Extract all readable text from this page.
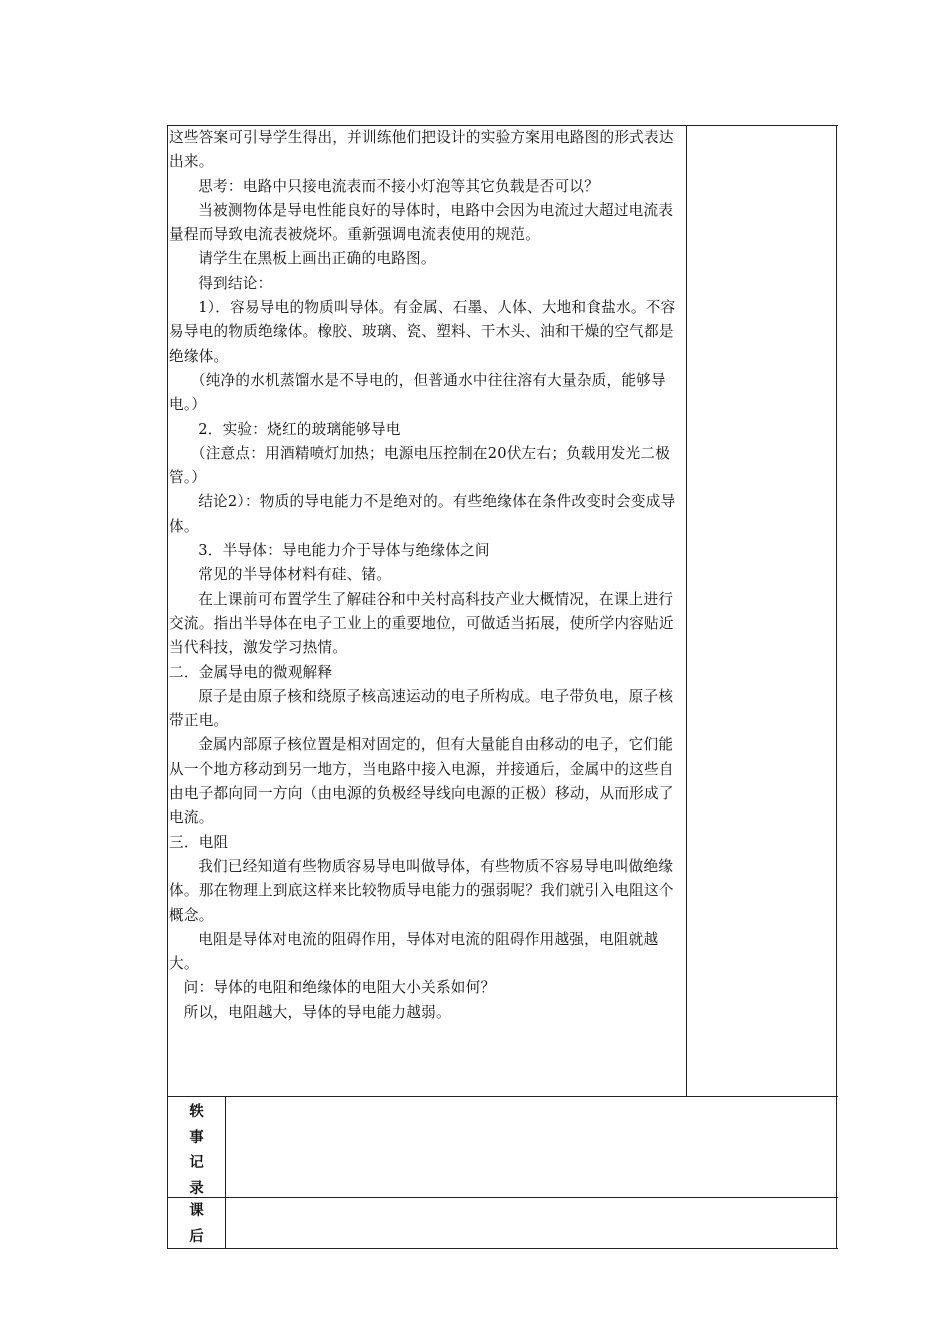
这些答案可引导学生得出，并训练他们把设计的实验方案用电路图的形式表达出来。

思考：电路中只接电流表而不接小灯泡等其它负载是否可以？

当被测物体是导电性能良好的导体时，电路中会因为电流过大超过电流表量程而导致电流表被烧坏。重新强调电流表使用的规范。

请学生在黑板上画出正确的电路图。

得到结论：

1）．容易导电的物质叫导体。有金属、石墨、人体、大地和食盐水。不容易导电的物质绝缘体。橡胶、玻璃、瓷、塑料、干木头、油和干燥的空气都是绝缘体。

（纯净的水机蒸馏水是不导电的，但普通水中往往溶有大量杂质，能够导电。）

2．实验：烧红的玻璃能够导电

（注意点：用酒精喷灯加热；电源电压控制在20伏左右；负载用发光二极管。）

结论2）：物质的导电能力不是绝对的。有些绝缘体在条件改变时会变成导体。

3．半导体：导电能力介于导体与绝缘体之间

常见的半导体材料有硅、锗。

在上课前可布置学生了解硅谷和中关村高科技产业大概情况，在课上进行交流。指出半导体在电子工业上的重要地位，可做适当拓展，使所学内容贴近当代科技，激发学习热情。

二．金属导电的微观解释

原子是由原子核和绕原子核高速运动的电子所构成。电子带负电，原子核带正电。

金属内部原子核位置是相对固定的，但有大量能自由移动的电子，它们能从一个地方移动到另一地方，当电路中接入电源，并接通后，金属中的这些自由电子都向同一方向（由电源的负极经导线向电源的正极）移动，从而形成了电流。

三．电阻

我们已经知道有些物质容易导电叫做导体，有些物质不容易导电叫做绝缘体。那在物理上到底这样来比较物质导电能力的强弱呢？我们就引入电阻这个概念。

电阻是导体对电流的阻碍作用，导体对电流的阻碍作用越强，电阻就越大。

问：导体的电阻和绝缘体的电阻大小关系如何？

所以，电阻越大，导体的导电能力越弱。

轶
事
记
录
课
后
